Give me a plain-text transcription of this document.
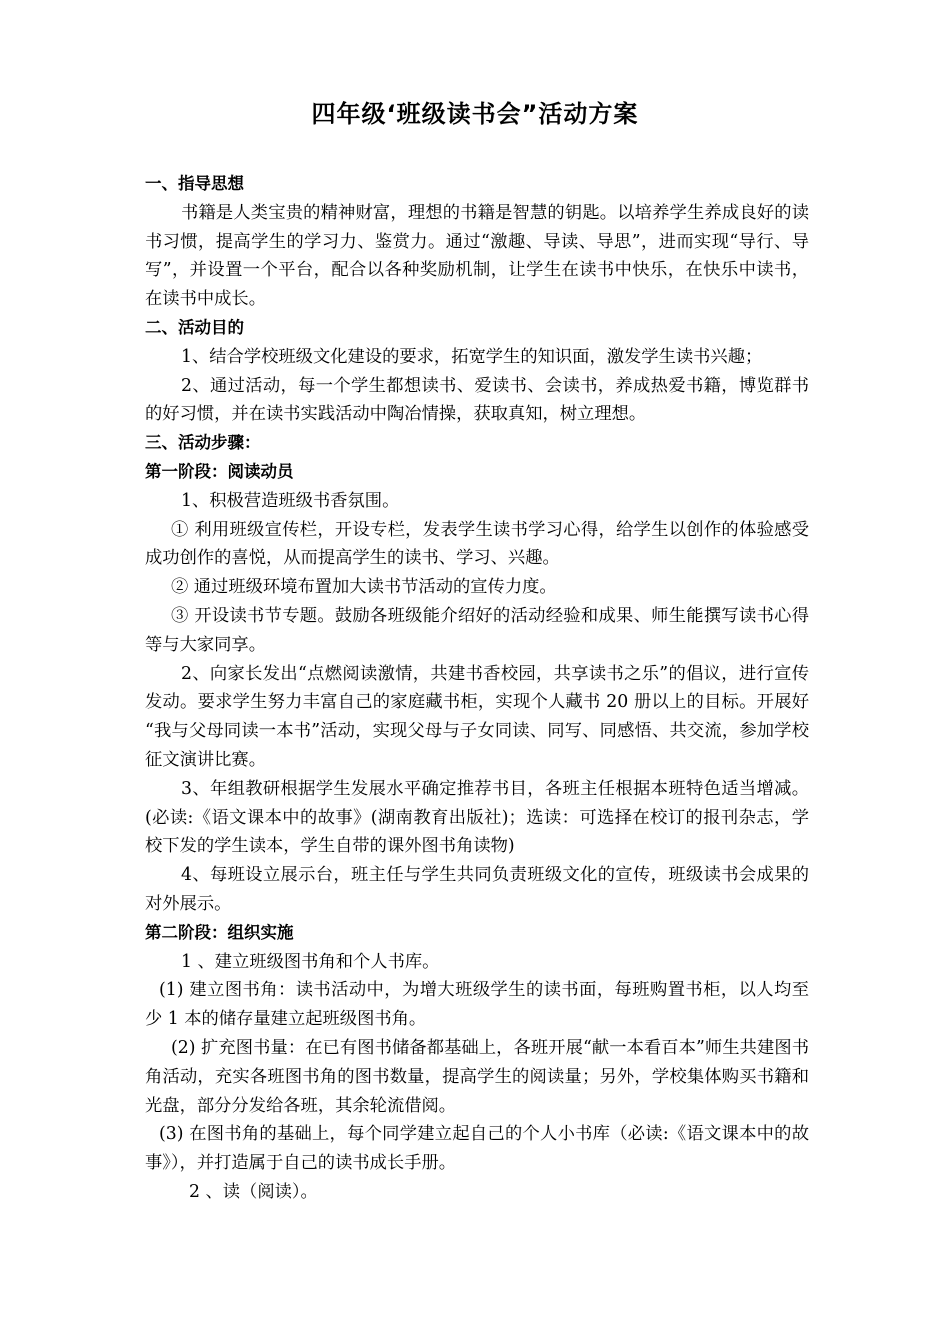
四年级‘班级读书会”活动方案

一、指导思想

书籍是人类宝贵的精神财富，理想的书籍是智慧的钥匙。以培养学生养成良好的读书习惯，提高学生的学习力、鉴赏力。通过“激趣、导读、导思”，进而实现“导行、导写”，并设置一个平台，配合以各种奖励机制，让学生在读书中快乐，在快乐中读书，在读书中成长。

二、活动目的

1、结合学校班级文化建设的要求，拓宽学生的知识面，激发学生读书兴趣；

2、通过活动，每一个学生都想读书、爱读书、会读书，养成热爱书籍，博览群书的好习惯，并在读书实践活动中陶冶情操，获取真知，树立理想。

三、活动步骤：

第一阶段：阅读动员

1、积极营造班级书香氛围。

① 利用班级宣传栏，开设专栏，发表学生读书学习心得，给学生以创作的体验感受成功创作的喜悦，从而提高学生的读书、学习、兴趣。

② 通过班级环境布置加大读书节活动的宣传力度。

③ 开设读书节专题。鼓励各班级能介绍好的活动经验和成果、师生能撰写读书心得等与大家同享。

2、向家长发出“点燃阅读激情，共建书香校园，共享读书之乐”的倡议，进行宣传发动。要求学生努力丰富自己的家庭藏书柜，实现个人藏书 20 册以上的目标。开展好 “我与父母同读一本书”活动，实现父母与子女同读、同写、同感悟、共交流，参加学校征文演讲比赛。

3、年组教研根据学生发展水平确定推荐书目，各班主任根据本班特色适当增减。(必读:《语文课本中的故事》(湖南教育出版社)；选读：可选择在校订的报刊杂志，学校下发的学生读本，学生自带的课外图书角读物)

4、每班设立展示台，班主任与学生共同负责班级文化的宣传，班级读书会成果的对外展示。

第二阶段：组织实施

1 、建立班级图书角和个人书库。

(1) 建立图书角：读书活动中，为增大班级学生的读书面，每班购置书柜，以人均至少 1 本的储存量建立起班级图书角。

(2) 扩充图书量：在已有图书储备都基础上，各班开展“献一本看百本”师生共建图书角活动，充实各班图书角的图书数量，提高学生的阅读量；另外，学校集体购买书籍和光盘，部分分发给各班，其余轮流借阅。

(3) 在图书角的基础上，每个同学建立起自己的个人小书库（必读:《语文课本中的故事》），并打造属于自己的读书成长手册。

2 、读（阅读）。
